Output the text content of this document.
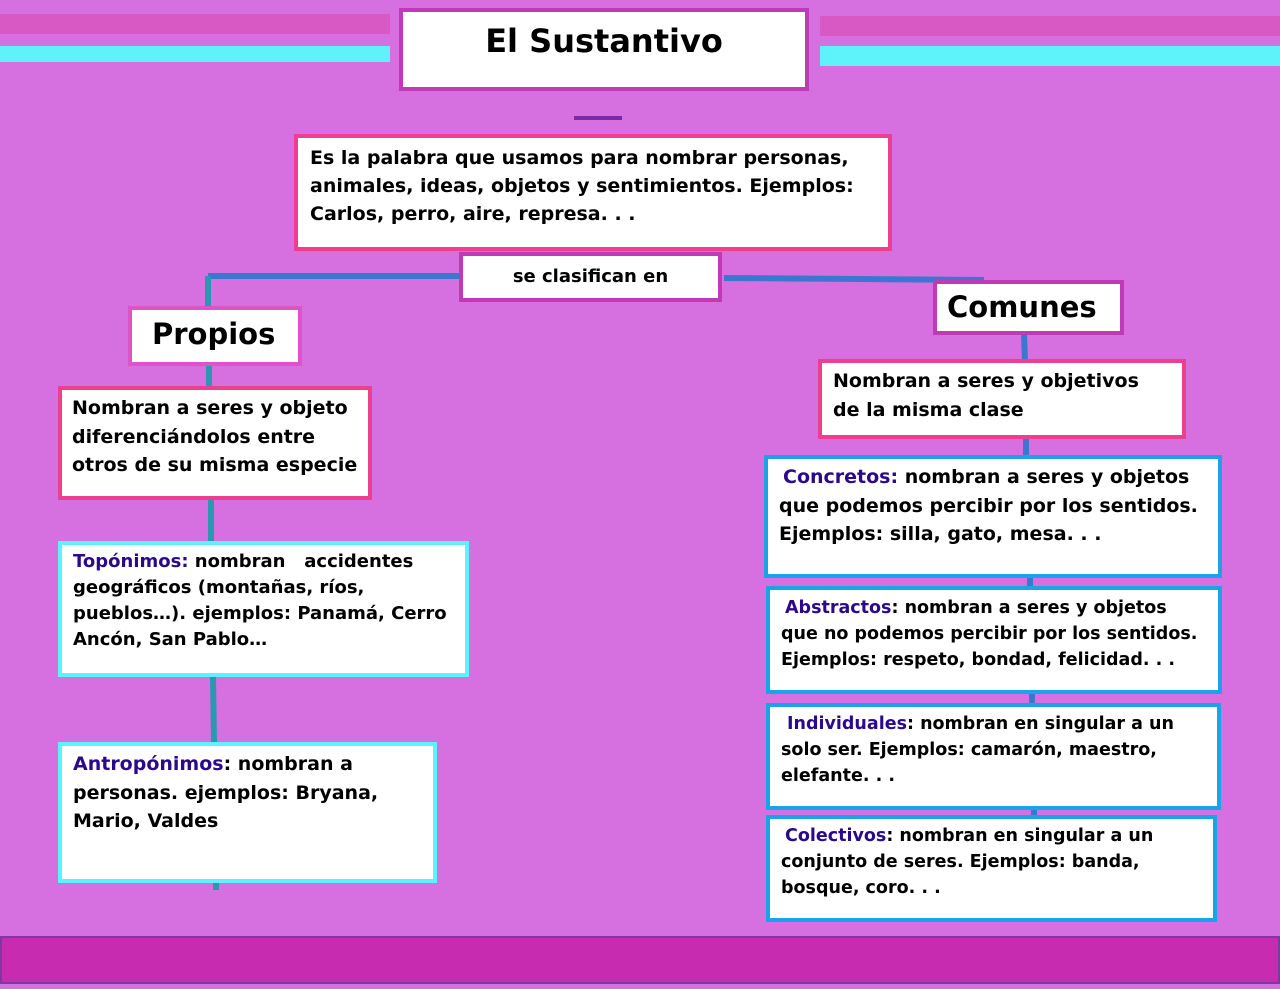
El Sustantivo
Es la palabra que usamos para nombrar personas, animales, ideas, objetos y sentimientos. Ejemplos: Carlos, perro, aire, represa. . .
se clasifican en
Propios
Nombran a seres y objeto diferenciándolos entre otros de su misma especie
Topónimos: nombran   accidentes geográficos (montañas, ríos, pueblos…). ejemplos: Panamá, Cerro Ancón, San Pablo…
Antropónimos: nombran a personas. ejemplos: Bryana, Mario, Valdes
Comunes
Nombran a seres y objetivos de la misma clase
Concretos: nombran a seres y objetos que podemos percibir por los sentidos. Ejemplos: silla, gato, mesa. . .
Abstractos: nombran a seres y objetos que no podemos percibir por los sentidos. Ejemplos: respeto, bondad, felicidad. . .
Individuales: nombran en singular a un solo ser. Ejemplos: camarón, maestro, elefante. . .
Colectivos: nombran en singular a un conjunto de seres. Ejemplos: banda, bosque, coro. . .
